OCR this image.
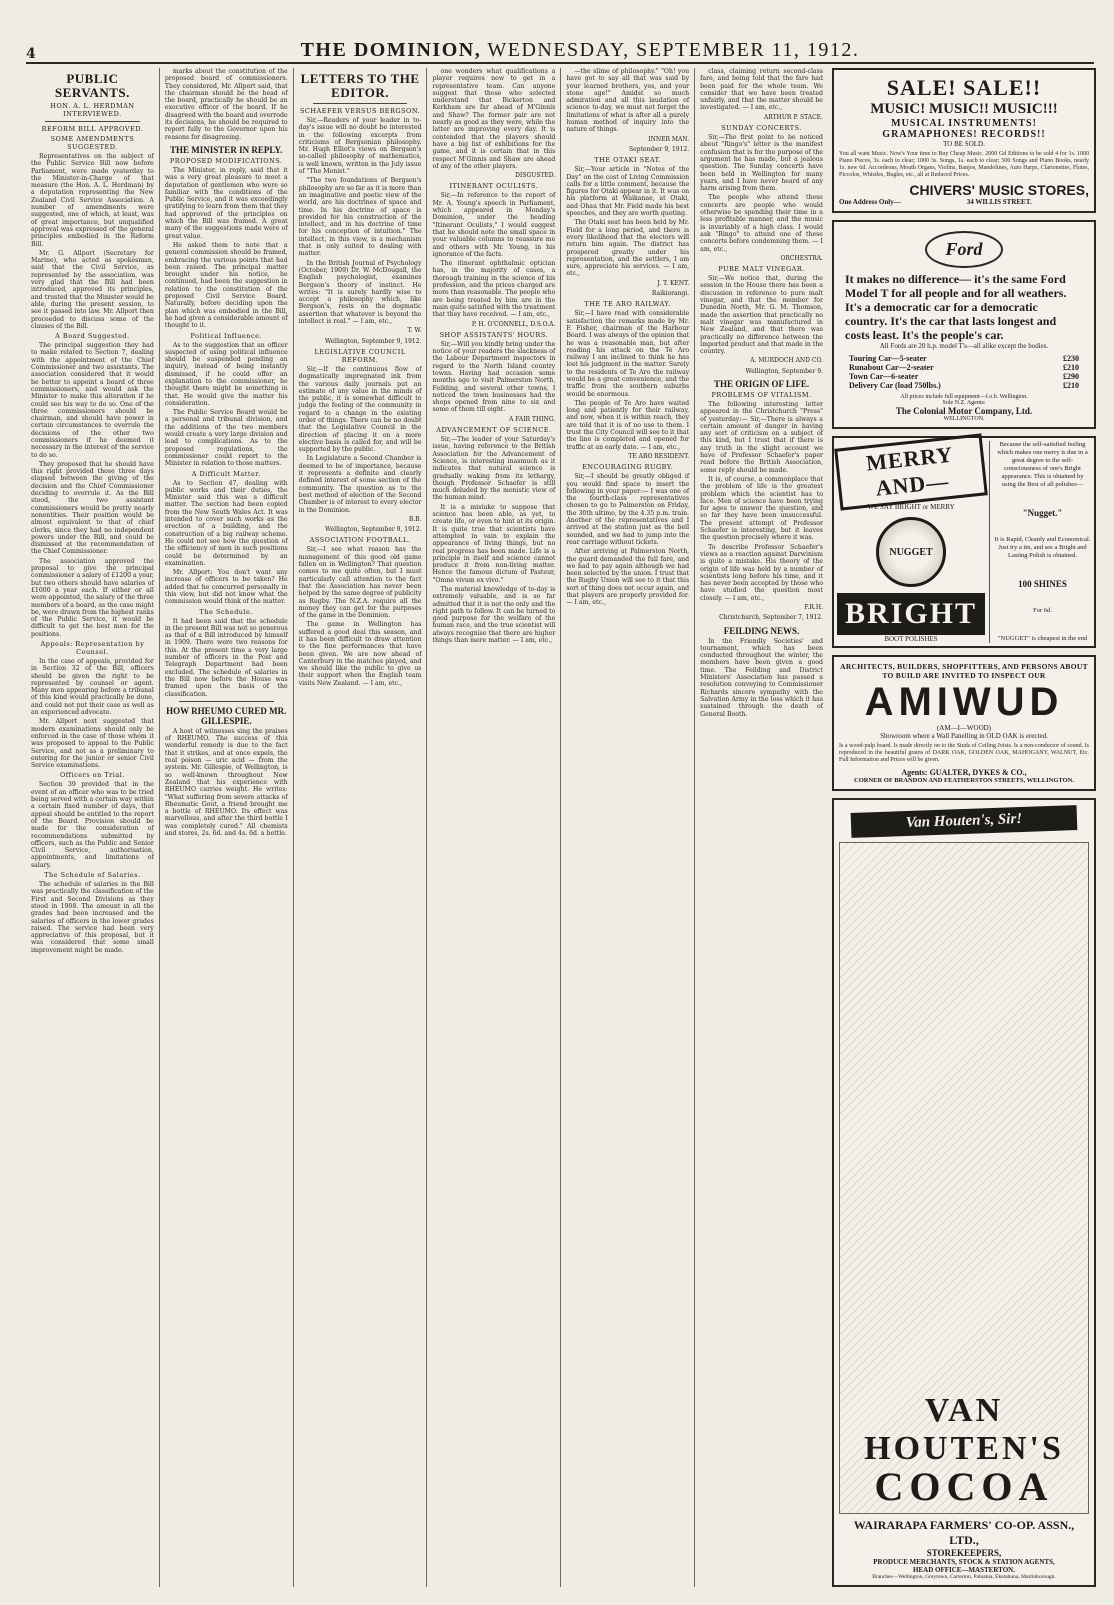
4	THE DOMINION, WEDNESDAY, SEPTEMBER 11, 1912.
PUBLIC SERVANTS.
HON. A. L. HERDMAN INTERVIEWED.
REFORM BILL APPROVED.
SOME AMENDMENTS SUGGESTED.
Representatives on the subject of the Public Service Bill now before Parliament, were made yesterday to the Minister-in-Charge of that measure (the Hon. A. L. Herdman) by a deputation representing the New Zealand Civil Service Association. A number of amendments were suggested, one of which, at least, was of great importance, but unqualified approval was expressed of the general principles embodied in the Reform Bill.
Mr. G. Allport (Secretary for Marine), who acted as spokesman, said that the Civil Service, as represented by the association, was very glad that the Bill had been introduced, approved its principles, and trusted that the Minister would be able, during the present session, to see it passed into law. Mr. Allport then proceeded to discuss some of the clauses of the Bill.
A Board Suggested.
The principal suggestion they had to make related to Section 7, dealing with the appointment of the Chief Commissioner and two assistants. The association considered that it would be better to appoint a board of three commissioners, and would ask the Minister to make this alteration if he could see his way to do so. One of the three commissioners should be chairman, and should have power in certain circumstances to overrule the decisions of the other two commissioners if he deemed it necessary in the interest of the service to do so.
They proposed that he should have this right provided those three days elapsed between the giving of the decision and the Chief Commissioner deciding to overrule it. As the Bill stood, the two assistant commissioners would be pretty nearly nonentities. Their position would be almost equivalent to that of chief clerks, since they had no independent powers under the Bill, and could be dismissed at the recommendation of the Chief Commissioner.
The association approved the proposal to give the principal commissioner a salary of £1200 a year, but two others should have salaries of £1000 a year each. If either or all were appointed, the salary of the three members of a board, as the case might be, were drawn from the highest ranks of the Public Service, it would be difficult to get the best men for the positions.
Appeals: Representation by Counsel.
In the case of appeals, provided for in Section 32 of the Bill, officers should be given the right to be represented by counsel or agent. Many men appearing before a tribunal of this kind would practically be done, and could not put their case as well as an experienced advocate.
Mr. Allport next suggested that modern examinations should only be enforced in the case of those whom it was proposed to appeal to the Public Service, and not as a preliminary to entering for the junior or senior Civil Service examinations.
Officers on Trial.
Section 39 provided that in the event of an officer who was to be tried being served with a certain way within a certain fixed number of days, that appeal should be entitled to the report of the Board. Provision should be made for the consideration of recommendations submitted by officers, such as the Public and Senior Civil Service, authorisation, appointments, and limitations of salary.
The Schedule of Salaries.
The schedule of salaries in the Bill was practically the classification of the First and Second Divisions as they stood in 1908. The amount in all the grades had been increased and the salaries of officers in the lower grades raised. The service had been very appreciative of this proposal, but it was considered that some small improvement might be made.
marks about the constitution of the proposed board of commissioners. They considered, Mr. Allport said, that the chairman should be the head of the board, practically he should be an executive officer of the board. If he disagreed with the board and overrode its decisions, he should be required to report fully to the Governor upon his reasons for disagreeing.
THE MINISTER IN REPLY.
PROPOSED MODIFICATIONS.
The Minister, in reply, said that it was a very great pleasure to meet a deputation of gentlemen who were so familiar with the conditions of the Public Service, and it was exceedingly gratifying to learn from them that they had approved of the principles on which the Bill was framed. A great many of the suggestions made were of great value.
He asked them to note that a general commission should be framed, embracing the various points that had been raised. The principal matter brought under his notice, he continued, had been the suggestion in relation to the constitution of the proposed Civil Service Board. Naturally, before deciding upon the plan which was embodied in the Bill, he had given a considerable amount of thought to it.
Political Influence.
As to the suggestion that an officer suspected of using political influence should be suspended pending an inquiry, instead of being instantly dismissed, if he could offer an explanation to the commissioner, he thought there might be something in that. He would give the matter his consideration.
The Public Service Board would be a personal and tribunal division, and the additions of the two members would create a very large division and lead to complications. As to the proposed regulations, the commissioner could report to the Minister in relation to those matters.
A Difficult Matter.
As to Section 47, dealing with public works and their duties, the Minister said this was a difficult matter. The section had been copied from the New South Wales Act. It was intended to cover such works as the erection of a building, and the construction of a big railway scheme. He could not see how the question of the efficiency of men in such positions could be determined by an examination.
Mr. Allport: You don't want any increase of officers to be taken? He added that he concurred personally in this view, but did not know what the commission would think of the matter.
The Schedule.
It had been said that the schedule in the present Bill was not so generous as that of a Bill introduced by himself in 1909. There were two reasons for this. At the present time a very large number of officers in the Post and Telegraph Department had been excluded. The schedule of salaries in the Bill now before the House was framed upon the basis of the classification.
HOW RHEUMO CURED MR. GILLESPIE.
A host of witnesses sing the praises of RHEUMO. The success of this wonderful remedy is due to the fact that it strikes, and at once expels, the real poison — uric acid — from the system. Mr. Gillespie, of Wellington, is so well-known throughout New Zealand that his experience with RHEUMO carries weight. He writes: "What suffering from severe attacks of Rheumatic Gout, a friend brought me a bottle of RHEUMO. Its effect was marvellous, and after the third bottle I was completely cured." All chemists and stores, 2s. 6d. and 4s. 6d. a bottle.
LETTERS TO THE EDITOR.
SCHAEFER VERSUS BERGSON.
Sir,—Readers of your leader in to-day's issue will no doubt be interested in the following excerpts from criticisms of Bergsonian philosophy. Mr. Hugh Elliot's views on Bergson's so-called philosophy of mathematics, is well known, written in the July issue of "The Monist."
"The two foundations of Bergson's philosophy are so far as it is more than an imaginative and poetic view of the world, are his doctrines of space and time. In his doctrine of space is provided for his construction of the intellect, and in his doctrine of time for his conception of intuition." The intellect, in this view, is a mechanism that is only suited to dealing with matter.
In the British Journal of Psychology (October, 1909) Dr. W. McDougall, the English psychologist, examines Bergson's theory of instinct. He writes: "It is surely hardly wise to accept a philosophy which, like Bergson's, rests on the dogmatic assertion that whatever is beyond the intellect is real." — I am, etc.,
T. W.
Wellington, September 9, 1912.
LEGISLATIVE COUNCIL REFORM.
Sir,—If the continuous flow of dogmatically impregnated ink from the various daily journals put an estimate of any value in the minds of the public, it is somewhat difficult to judge the feeling of the community in regard to a change in the existing order of things. There can be no doubt that the Legislative Council in the direction of placing it on a more elective basis is called for, and will be supported by the public.
In Legislature a Second Chamber is deemed to be of importance, because it represents a definite and clearly defined interest of some section of the community. The question as to the best method of election of the Second Chamber is of interest to every elector in the Dominion.
B.B.
Wellington, September 9, 1912.
ASSOCIATION FOOTBALL.
Sir,—I see what reason has the management of this good old game fallen on in Wellington? That question comes to me quite often, but I must particularly call attention to the fact that the Association has never been helped by the same degree of publicity as Rugby. The N.Z.A. require all the money they can get for the purposes of the game in the Dominion.
The game in Wellington has suffered a good deal this season, and it has been difficult to draw attention to the fine performances that have been given. We are now ahead of Canterbury in the matches played, and we should like the public to give us their support when the English team visits New Zealand. — I am, etc.,
one wonders what qualifications a player requires now to get in a representative team. Can anyone suggest that those who selected understand that Bickerton and Kerkham are far ahead of M'Ginnis and Shaw? The former pair are not nearly as good as they were, while the latter are improving every day. It is contended that the players should have a big list of exhibitions for the game, and it is certain that in this respect M'Ginnis and Shaw are ahead of any of the other players.
DISGUSTED.
ITINERANT OCULISTS.
Sir,—In reference to the report of Mr. A. Young's speech in Parliament, which appeared in Monday's Dominion, under the heading "Itinerant Oculists," I would suggest that he should note the small space in your valuable columns to reassure me and others with Mr. Young, in his ignorance of the facts.
The itinerant ophthalmic optician has, in the majority of cases, a thorough training in the science of his profession, and the prices charged are more than reasonable. The people who are being treated by him are in the main quite satisfied with the treatment that they have received. — I am, etc.,
P. H. O'CONNELL, D.S.O.A.
SHOP ASSISTANTS' HOURS.
Sir,—Will you kindly bring under the notice of your readers the slackness of the Labour Department inspectors in regard to the North Island country towns. Having had occasion some months ago to visit Palmerston North, Feilding, and several other towns, I noticed the town businesses had the shops opened from nine to six and some of them till eight.
A FAIR THING.
ADVANCEMENT OF SCIENCE.
Sir,—The leader of your Saturday's issue, having reference to the British Association for the Advancement of Science, is interesting inasmuch as it indicates that natural science is gradually waking from its lethargy, though Professor Schaefer is still much deluded by the monistic view of the human mind.
It is a mistake to suppose that science has been able, as yet, to create life, or even to hint at its origin. It is quite true that scientists have attempted in vain to explain the appearance of living things, but no real progress has been made. Life is a principle in itself and science cannot produce it from non-living matter. Hence the famous dictum of Pasteur, "Omne vivum ex vivo."
The material knowledge of to-day is extremely valuable, and is so far admitted that it is not the only and the right path to follow. It can be turned to good purpose for the welfare of the human race, and the true scientist will always recognise that there are higher things than mere matter. — I am, etc.,
—the slime of philosophy." "Oh! you have got to say all that was said by your learned brothers, yes, and your stone age!" Amidst so much admiration and all this laudation of science to-day, we must not forget the limitations of what is after all a purely human method of inquiry into the nature of things.
INNER MAN.
September 9, 1912.
THE OTAKI SEAT.
Sir,—Your article in "Notes of the Day" on the cost of Living Commission calls for a little comment, because the figures for Otaki appear in it. It was on his platform at Waikanae, at Otaki, and Ohau that Mr. Field made his best speeches, and they are worth quoting.
The Otaki seat has been held by Mr. Field for a long period, and there is every likelihood that the electors will return him again. The district has prospered greatly under his representation, and the settlers, I am sure, appreciate his services. — I am, etc.,
J. T. KENT.
Raikiorangi.
THE TE ARO RAILWAY.
Sir,—I have read with considerable satisfaction the remarks made by Mr. F. Fisher, chairman of the Harbour Board. I was always of the opinion that he was a reasonable man, but after reading his attack on the Te Aro railway I am inclined to think he has lost his judgment in the matter. Surely to the residents of Te Aro the railway would be a great convenience, and the traffic from the southern suburbs would be enormous.
The people of Te Aro have waited long and patiently for their railway, and now, when it is within reach, they are told that it is of no use to them. I trust the City Council will see to it that the line is completed and opened for traffic at an early date. — I am, etc.,
TE ARO RESIDENT.
ENCOURAGING RUGBY.
Sir,—I should be greatly obliged if you would find space to insert the following in your paper:— I was one of the fourth-class representatives chosen to go to Palmerston on Friday, the 30th ultimo, by the 4.35 p.m. train. Another of the representatives and I arrived at the station just as the bell sounded, and we had to jump into the rear carriage without tickets.
After arriving at Palmerston North, the guard demanded the full fare, and we had to pay again although we had been selected by the union. I trust that the Rugby Union will see to it that this sort of thing does not occur again, and that players are properly provided for. — I am, etc.,
class, claiming return second-class fare, and being told that the fare had been paid for the whole team. We consider that we have been treated unfairly, and that the matter should be investigated. — I am, etc.,
ARTHUR P. STACE.
SUNDAY CONCERTS.
Sir,—The first point to be noticed about "Ringo's" letter is the manifest confusion that is for the purpose of the argument he has made, but a jealous question. The Sunday concerts have been held in Wellington for many years, and I have never heard of any harm arising from them.
The people who attend these concerts are people who would otherwise be spending their time in a less profitable manner, and the music is invariably of a high class. I would ask "Ringo" to attend one of these concerts before condemning them. — I am, etc.,
ORCHESTRA.
PURE MALT VINEGAR.
Sir,—We notice that, during the session in the House there has been a discussion in reference to pure malt vinegar, and that the member for Dunedin North, Mr. G. M. Thomson, made the assertion that practically no malt vinegar was manufactured in New Zealand, and that there was practically no difference between the imported product and that made in the country.
A. MURDOCH AND CO.
Wellington, September 9.
THE ORIGIN OF LIFE.
PROBLEMS OF VITALISM.
The following interesting letter appeared in the Christchurch "Press" of yesterday:— Sir,—There is always a certain amount of danger in having any sort of criticism on a subject of this kind, but I trust that if there is any truth in the slight account we have of Professor Schaefer's paper read before the British Association, some reply should be made.
It is, of course, a commonplace that the problem of life is the greatest problem which the scientist has to face. Men of science have been trying for ages to answer the question, and so far they have been unsuccessful. The present attempt of Professor Schaefer is interesting, but it leaves the question precisely where it was.
To describe Professor Schaefer's views as a reaction against Darwinism is quite a mistake. His theory of the origin of life was held by a number of scientists long before his time, and it has never been accepted by those who have studied the question most closely. — I am, etc.,
F.R.H.
Christchurch, September 7, 1912.
FEILDING NEWS.
In the Friendly Societies' and tournament, which has been conducted throughout the winter, the members have been given a good time. The Feilding and District Ministers' Association has passed a resolution conveying to Commissioner Richards sincere sympathy with the Salvation Army in the loss which it has sustained through the death of General Booth.
SALE! SALE!!
MUSIC! MUSIC!! MUSIC!!!
MUSICAL INSTRUMENTS!
GRAMAPHONES! RECORDS!!
TO BE SOLD.
You all want Music. Now's Your time to Buy Cheap Music. 2000 Gd Editions to be sold 4 for 1s. 1000 Piano Pieces, 3s. each to clear; 1000 3s. Songs, 1s. each to clear; 500 Songs and Piano Books, nearly 1s. new 6d. Accordeons, Mouth Organs, Violins, Banjos, Mandolines, Auto Harps, Clarionettes, Flutes, Piccolos, Whistles, Bugles, etc., all at Reduced Prices.
One Address Only—
CHIVERS' MUSIC STORES,
34 WILLIS STREET.
Ford
It makes no difference— it's the same Ford Model T for all people and for all weathers. It's a democratic car for a democratic country. It's the car that lasts longest and costs least. It's the people's car.
All Fords are 20 h.p. model T's—all alike except the bodies.
Touring Car—5-seater	£230
Runabout Car—2-seater	£210
Town Car—6-seater	£290
Delivery Car (load 750lbs.)	£210
All prices include full equipment—f.o.b. Wellington.
Sole N.Z. Agents:
The Colonial Motor Company, Ltd.
WELLINGTON.
MERRY AND—
WE SAY BRIGHT or MERRY
NUGGET
BRIGHT
BOOT POLISHES
Because the self-satisfied feeling which makes one merry is due in a great degree to the self-consciousness of one's Bright appearance. This is obtained by using the Best of all polishes—
"Nugget."
It is Rapid, Cleanly and Economical. Just try a tin, and see a Bright and Lasting Polish is obtained.
100 SHINES
For 6d.
"NUGGET" is cheapest in the end
ARCHITECTS, BUILDERS, SHOPFITTERS, AND PERSONS ABOUT TO BUILD ARE INVITED TO INSPECT OUR
AMIWUD
(AM—I—WOOD)
Showroom where a Wall Panelling in OLD OAK is erected.
Is a wood-pulp board. Is made directly on to the Studs of Ceiling Joists. Is a non-conductor of sound. Is reproduced in the beautiful grains of DARK OAK, GOLDEN OAK, MAHOGANY, WALNUT, Etc. Full Information and Prices will be given.
Agents: GUALTER, DYKES & CO.,
CORNER OF BRANDON AND FEATHERSTON STREETS, WELLINGTON.
Van Houten's, Sir!
VAN
HOUTEN'S
COCOA
WAIRARAPA FARMERS' CO-OP. ASSN., LTD.,
STOREKEEPERS,
PRODUCE MERCHANTS, STOCK & STATION AGENTS,
HEAD OFFICE—MASTERTON.
Branches—Wellington, Greytown, Carterton, Pahiatua, Eketahuna, Martinborough.
